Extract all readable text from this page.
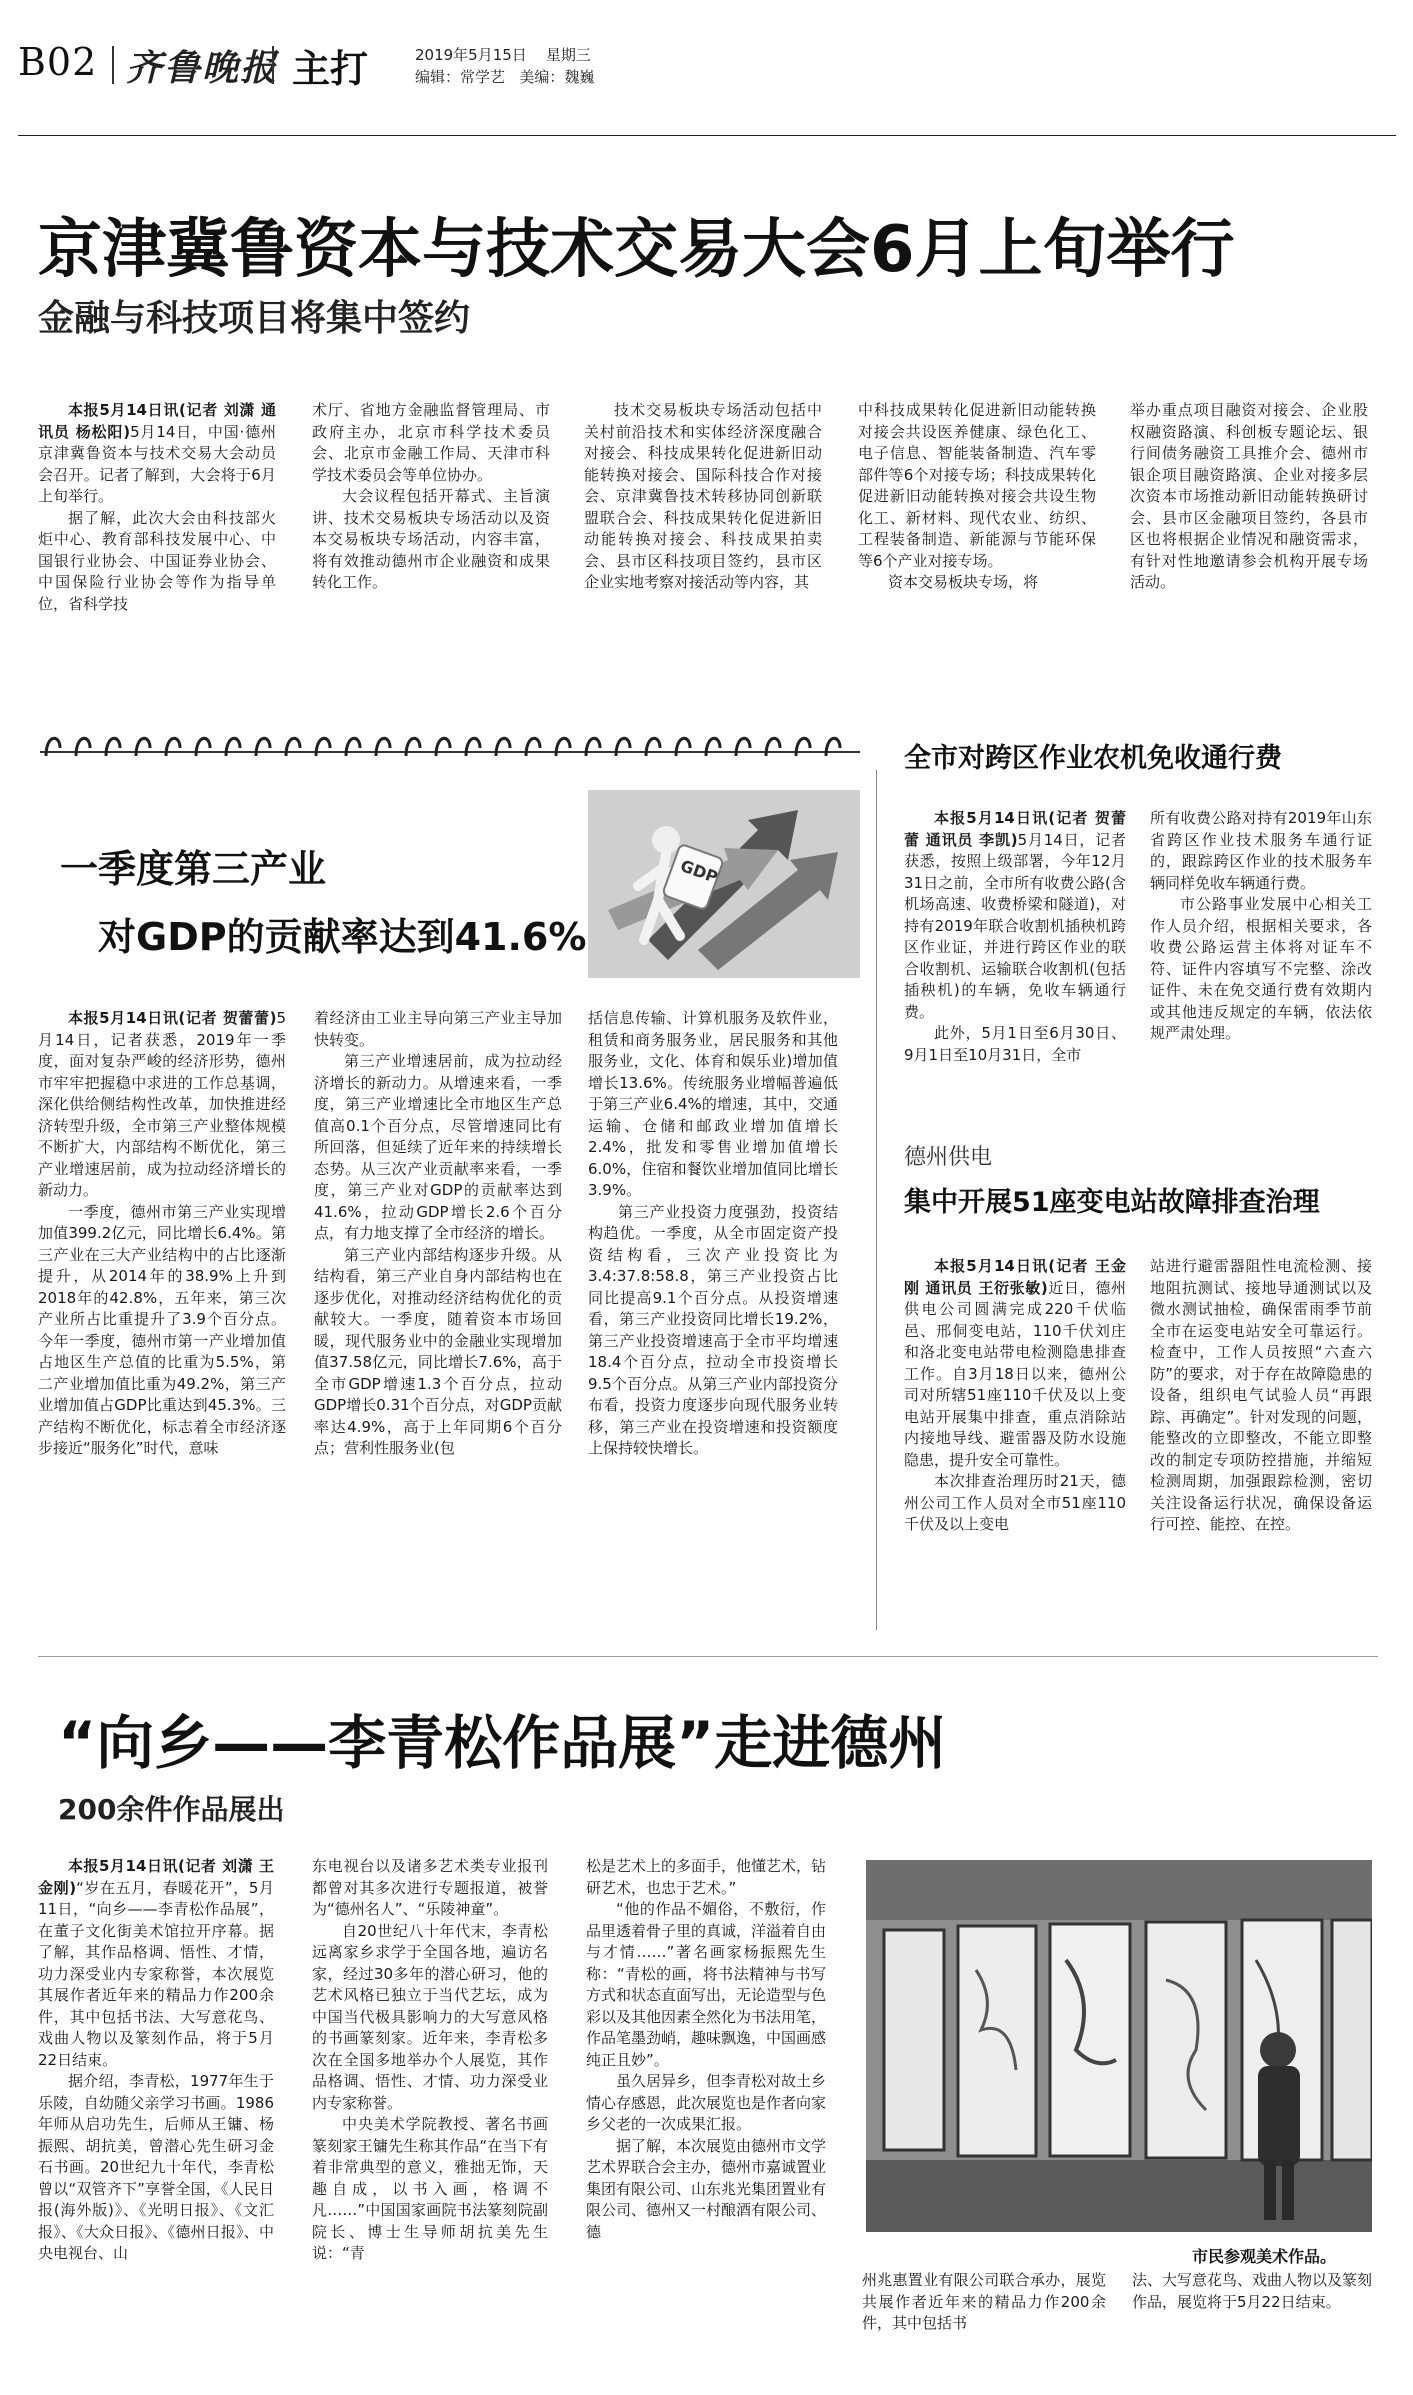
B02 齐鲁晚报 主打	2019年5月15日 星期三
编辑：常学艺 美编：魏巍
京津冀鲁资本与技术交易大会6月上旬举行
金融与科技项目将集中签约

本报5月14日讯(记者 刘潇 通讯员 杨松阳)5月14日，中国·德州京津冀鲁资本与技术交易大会动员会召开。记者了解到，大会将于6月上旬举行。

据了解，此次大会由科技部火炬中心、教育部科技发展中心、中国银行业协会、中国证券业协会、中国保险行业协会等作为指导单位，省科学技

术厅、省地方金融监督管理局、市政府主办，北京市科学技术委员会、北京市金融工作局、天津市科学技术委员会等单位协办。

大会议程包括开幕式、主旨演讲、技术交易板块专场活动以及资本交易板块专场活动，内容丰富，将有效推动德州市企业融资和成果转化工作。

技术交易板块专场活动包括中关村前沿技术和实体经济深度融合对接会、科技成果转化促进新旧动能转换对接会、国际科技合作对接会、京津冀鲁技术转移协同创新联盟联合会、科技成果转化促进新旧动能转换对接会、科技成果拍卖会、县市区科技项目签约，县市区企业实地考察对接活动等内容，其

中科技成果转化促进新旧动能转换对接会共设医养健康、绿色化工、电子信息、智能装备制造、汽车零部件等6个对接专场；科技成果转化促进新旧动能转换对接会共设生物化工、新材料、现代农业、纺织、工程装备制造、新能源与节能环保等6个产业对接专场。

资本交易板块专场，将

举办重点项目融资对接会、企业股权融资路演、科创板专题论坛、银行间债务融资工具推介会、德州市银企项目融资路演、企业对接多层次资本市场推动新旧动能转换研讨会、县市区金融项目签约，各县市区也将根据企业情况和融资需求，有针对性地邀请参会机构开展专场活动。

一季度第三产业
对GDP的贡献率达到41.6%
GDP

本报5月14日讯(记者 贺蕾蕾)5月14日，记者获悉，2019年一季度，面对复杂严峻的经济形势，德州市牢牢把握稳中求进的工作总基调，深化供给侧结构性改革，加快推进经济转型升级，全市第三产业整体规模不断扩大，内部结构不断优化，第三产业增速居前，成为拉动经济增长的新动力。

一季度，德州市第三产业实现增加值399.2亿元，同比增长6.4%。第三产业在三大产业结构中的占比逐渐提升，从2014年的38.9%上升到2018年的42.8%，五年来，第三次产业所占比重提升了3.9个百分点。今年一季度，德州市第一产业增加值占地区生产总值的比重为5.5%，第二产业增加值比重为49.2%，第三产业增加值占GDP比重达到45.3%。三产结构不断优化，标志着全市经济逐步接近“服务化”时代，意味

着经济由工业主导向第三产业主导加快转变。

第三产业增速居前，成为拉动经济增长的新动力。从增速来看，一季度，第三产业增速比全市地区生产总值高0.1个百分点，尽管增速同比有所回落，但延续了近年来的持续增长态势。从三次产业贡献率来看，一季度，第三产业对GDP的贡献率达到41.6%，拉动GDP增长2.6个百分点，有力地支撑了全市经济的增长。

第三产业内部结构逐步升级。从结构看，第三产业自身内部结构也在逐步优化，对推动经济结构优化的贡献较大。一季度，随着资本市场回暖，现代服务业中的金融业实现增加值37.58亿元，同比增长7.6%，高于全市GDP增速1.3个百分点，拉动GDP增长0.31个百分点，对GDP贡献率达4.9%，高于上年同期6个百分点；营利性服务业(包

括信息传输、计算机服务及软件业，租赁和商务服务业，居民服务和其他服务业，文化、体育和娱乐业)增加值增长13.6%。传统服务业增幅普遍低于第三产业6.4%的增速，其中，交通运输、仓储和邮政业增加值增长2.4%，批发和零售业增加值增长6.0%，住宿和餐饮业增加值同比增长3.9%。

第三产业投资力度强劲，投资结构趋优。一季度，从全市固定资产投资结构看，三次产业投资比为3.4:37.8:58.8，第三产业投资占比同比提高9.1个百分点。从投资增速看，第三产业投资同比增长19.2%，第三产业投资增速高于全市平均增速18.4个百分点，拉动全市投资增长9.5个百分点。从第三产业内部投资分布看，投资力度逐步向现代服务业转移，第三产业在投资增速和投资额度上保持较快增长。

全市对跨区作业农机免收通行费

本报5月14日讯(记者 贺蕾蕾 通讯员 李凯)5月14日，记者获悉，按照上级部署，今年12月31日之前，全市所有收费公路(含机场高速、收费桥梁和隧道)，对持有2019年联合收割机插秧机跨区作业证，并进行跨区作业的联合收割机、运输联合收割机(包括插秧机)的车辆，免收车辆通行费。

此外，5月1日至6月30日、9月1日至10月31日，全市

所有收费公路对持有2019年山东省跨区作业技术服务车通行证的，跟踪跨区作业的技术服务车辆同样免收车辆通行费。

市公路事业发展中心相关工作人员介绍，根据相关要求，各收费公路运营主体将对证车不符、证件内容填写不完整、涂改证件、未在免交通行费有效期内或其他违反规定的车辆，依法依规严肃处理。

德州供电
集中开展51座变电站故障排查治理

本报5月14日讯(记者 王金刚 通讯员 王衍张敏)近日，德州供电公司圆满完成220千伏临邑、邢侗变电站，110千伏刘庄和洛北变电站带电检测隐患排查工作。自3月18日以来，德州公司对所辖51座110千伏及以上变电站开展集中排查，重点消除站内接地导线、避雷器及防水设施隐患，提升安全可靠性。

本次排查治理历时21天，德州公司工作人员对全市51座110千伏及以上变电

站进行避雷器阻性电流检测、接地阻抗测试、接地导通测试以及微水测试抽检，确保雷雨季节前全市在运变电站安全可靠运行。检查中，工作人员按照“六查六防”的要求，对于存在故障隐患的设备，组织电气试验人员“再跟踪、再确定”。针对发现的问题，能整改的立即整改，不能立即整改的制定专项防控措施，并缩短检测周期，加强跟踪检测，密切关注设备运行状况，确保设备运行可控、能控、在控。

“向乡——李青松作品展”走进德州
200余件作品展出

本报5月14日讯(记者 刘潇 王金刚)“岁在五月，春暖花开”，5月11日，“向乡——李青松作品展”，在董子文化街美术馆拉开序幕。据了解，其作品格调、悟性、才情，功力深受业内专家称誉，本次展览其展作者近年来的精品力作200余件，其中包括书法、大写意花鸟、戏曲人物以及篆刻作品，将于5月22日结束。

据介绍，李青松，1977年生于乐陵，自幼随父亲学习书画。1986年师从启功先生，后师从王镛、杨振熙、胡抗美，曾潜心先生研习金石书画。20世纪九十年代，李青松曾以“双管齐下”享誉全国，《人民日报(海外版)》、《光明日报》、《文汇报》、《大众日报》、《德州日报》、中央电视台、山

东电视台以及诸多艺术类专业报刊都曾对其多次进行专题报道，被誉为“德州名人”、“乐陵神童”。

自20世纪八十年代末，李青松远离家乡求学于全国各地，遍访名家，经过30多年的潜心研习，他的艺术风格已独立于当代艺坛，成为中国当代极具影响力的大写意风格的书画篆刻家。近年来，李青松多次在全国多地举办个人展览，其作品格调、悟性、才情、功力深受业内专家称誉。

中央美术学院教授、著名书画篆刻家王镛先生称其作品“在当下有着非常典型的意义，雅拙无饰，天趣自成，以书入画，格调不凡……”中国国家画院书法篆刻院副院长、博士生导师胡抗美先生说：“青

松是艺术上的多面手，他懂艺术，钻研艺术，也忠于艺术。”

“他的作品不媚俗，不敷衍，作品里透着骨子里的真诚，洋溢着自由与才情……”著名画家杨振熙先生称：“青松的画，将书法精神与书写方式和状态直面写出，无论造型与色彩以及其他因素全然化为书法用笔，作品笔墨劲峭，趣味飘逸，中国画感纯正且妙”。

虽久居异乡，但李青松对故土乡情心存感恩，此次展览也是作者向家乡父老的一次成果汇报。

据了解，本次展览由德州市文学艺术界联合会主办，德州市嘉诚置业集团有限公司、山东兆光集团置业有限公司、德州又一村酿酒有限公司、德

市民参观美术作品。

州兆惠置业有限公司联合承办，展览共展作者近年来的精品力作200余件，其中包括书

法、大写意花鸟、戏曲人物以及篆刻作品，展览将于5月22日结束。
